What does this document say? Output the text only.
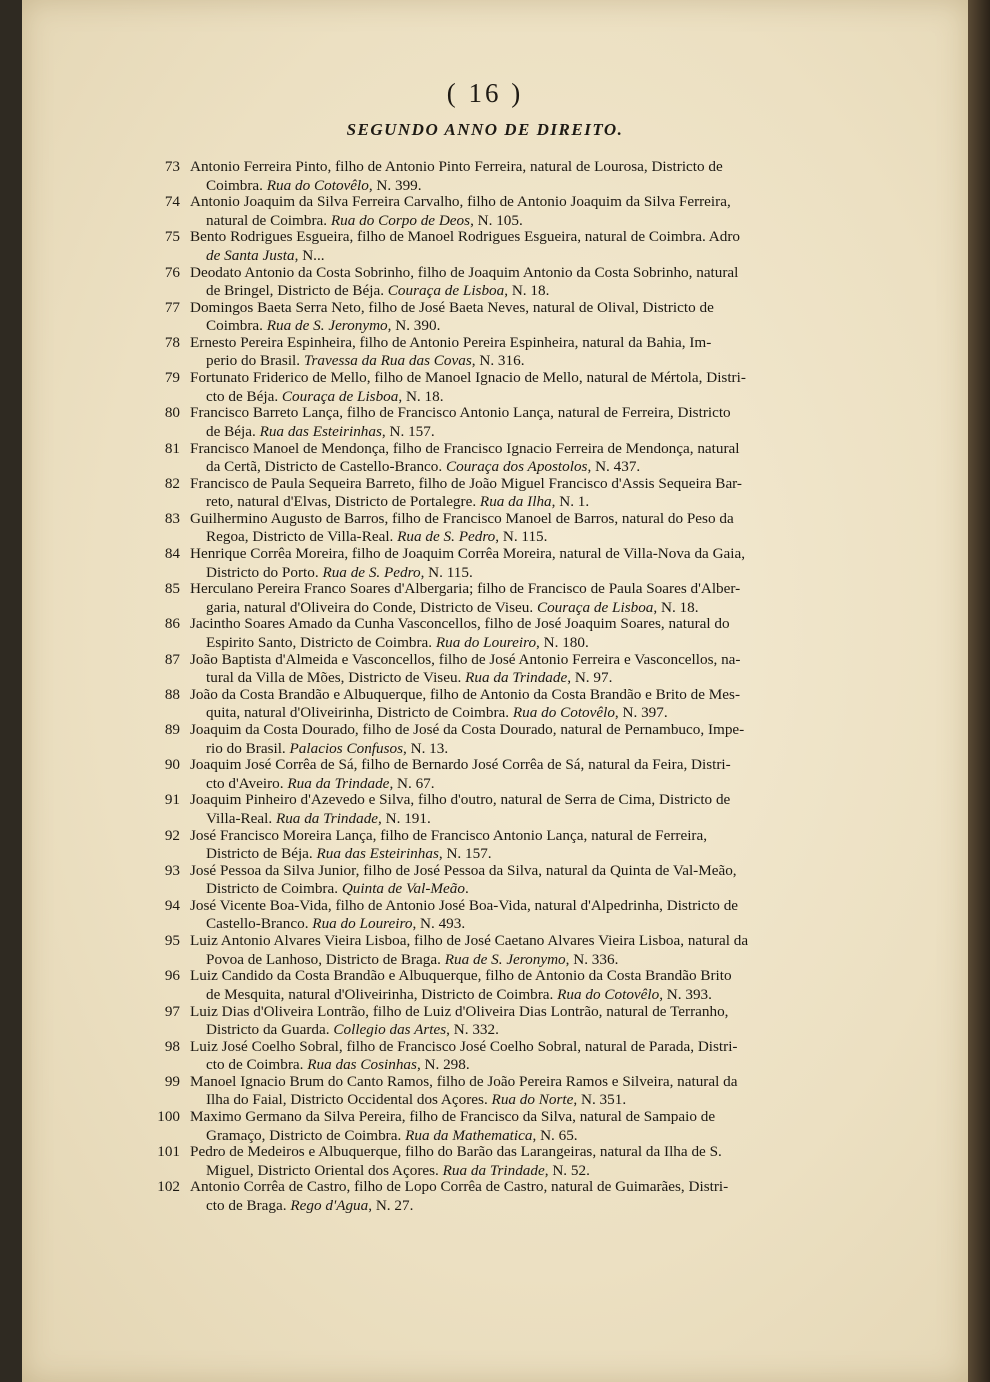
( 16 )
SEGUNDO ANNO DE DIREITO.
73 Antonio Ferreira Pinto, filho de Antonio Pinto Ferreira, natural de Lourosa, Districto de
Coimbra. Rua do Cotovêlo, N. 399.
74 Antonio Joaquim da Silva Ferreira Carvalho, filho de Antonio Joaquim da Silva Ferreira,
natural de Coimbra. Rua do Corpo de Deos, N. 105.
75 Bento Rodrigues Esgueira, filho de Manoel Rodrigues Esgueira, natural de Coimbra. Adro
de Santa Justa, N...
76 Deodato Antonio da Costa Sobrinho, filho de Joaquim Antonio da Costa Sobrinho, natural
de Bringel, Districto de Béja. Couraça de Lisboa, N. 18.
77 Domingos Baeta Serra Neto, filho de José Baeta Neves, natural de Olival, Districto de
Coimbra. Rua de S. Jeronymo, N. 390.
78 Ernesto Pereira Espinheira, filho de Antonio Pereira Espinheira, natural da Bahia, Im-
perio do Brasil. Travessa da Rua das Covas, N. 316.
79 Fortunato Friderico de Mello, filho de Manoel Ignacio de Mello, natural de Mértola, Distri-
cto de Béja. Couraça de Lisboa, N. 18.
80 Francisco Barreto Lança, filho de Francisco Antonio Lança, natural de Ferreira, Districto
de Béja. Rua das Esteirinhas, N. 157.
81 Francisco Manoel de Mendonça, filho de Francisco Ignacio Ferreira de Mendonça, natural
da Certã, Districto de Castello-Branco. Couraça dos Apostolos, N. 437.
82 Francisco de Paula Sequeira Barreto, filho de João Miguel Francisco d'Assis Sequeira Bar-
reto, natural d'Elvas, Districto de Portalegre. Rua da Ilha, N. 1.
83 Guilhermino Augusto de Barros, filho de Francisco Manoel de Barros, natural do Peso da
Regoa, Districto de Villa-Real. Rua de S. Pedro, N. 115.
84 Henrique Corrêa Moreira, filho de Joaquim Corrêa Moreira, natural de Villa-Nova da Gaia,
Districto do Porto. Rua de S. Pedro, N. 115.
85 Herculano Pereira Franco Soares d'Albergaria; filho de Francisco de Paula Soares d'Alber-
garia, natural d'Oliveira do Conde, Districto de Viseu. Couraça de Lisboa, N. 18.
86 Jacintho Soares Amado da Cunha Vasconcellos, filho de José Joaquim Soares, natural do
Espirito Santo, Districto de Coimbra. Rua do Loureiro, N. 180.
87 João Baptista d'Almeida e Vasconcellos, filho de José Antonio Ferreira e Vasconcellos, na-
tural da Villa de Mões, Districto de Viseu. Rua da Trindade, N. 97.
88 João da Costa Brandão e Albuquerque, filho de Antonio da Costa Brandão e Brito de Mes-
quita, natural d'Oliveirinha, Districto de Coimbra. Rua do Cotovêlo, N. 397.
89 Joaquim da Costa Dourado, filho de José da Costa Dourado, natural de Pernambuco, Impe-
rio do Brasil. Palacios Confusos, N. 13.
90 Joaquim José Corrêa de Sá, filho de Bernardo José Corrêa de Sá, natural da Feira, Distri-
cto d'Aveiro. Rua da Trindade, N. 67.
91 Joaquim Pinheiro d'Azevedo e Silva, filho d'outro, natural de Serra de Cima, Districto de
Villa-Real. Rua da Trindade, N. 191.
92 José Francisco Moreira Lança, filho de Francisco Antonio Lança, natural de Ferreira,
Districto de Béja. Rua das Esteirinhas, N. 157.
93 José Pessoa da Silva Junior, filho de José Pessoa da Silva, natural da Quinta de Val-Meão,
Districto de Coimbra. Quinta de Val-Meão.
94 José Vicente Boa-Vida, filho de Antonio José Boa-Vida, natural d'Alpedrinha, Districto de
Castello-Branco. Rua do Loureiro, N. 493.
95 Luiz Antonio Alvares Vieira Lisboa, filho de José Caetano Alvares Vieira Lisboa, natural da
Povoa de Lanhoso, Districto de Braga. Rua de S. Jeronymo, N. 336.
96 Luiz Candido da Costa Brandão e Albuquerque, filho de Antonio da Costa Brandão Brito
de Mesquita, natural d'Oliveirinha, Districto de Coimbra. Rua do Cotovêlo, N. 393.
97 Luiz Dias d'Oliveira Lontrão, filho de Luiz d'Oliveira Dias Lontrão, natural de Terranho,
Districto da Guarda. Collegio das Artes, N. 332.
98 Luiz José Coelho Sobral, filho de Francisco José Coelho Sobral, natural de Parada, Distri-
cto de Coimbra. Rua das Cosinhas, N. 298.
99 Manoel Ignacio Brum do Canto Ramos, filho de João Pereira Ramos e Silveira, natural da
Ilha do Faial, Districto Occidental dos Açores. Rua do Norte, N. 351.
100 Maximo Germano da Silva Pereira, filho de Francisco da Silva, natural de Sampaio de
Gramaço, Districto de Coimbra. Rua da Mathematica, N. 65.
101 Pedro de Medeiros e Albuquerque, filho do Barão das Larangeiras, natural da Ilha de S.
Miguel, Districto Oriental dos Açores. Rua da Trindade, N. 52.
102 Antonio Corrêa de Castro, filho de Lopo Corrêa de Castro, natural de Guimarães, Distri-
cto de Braga. Rego d'Agua, N. 27.
